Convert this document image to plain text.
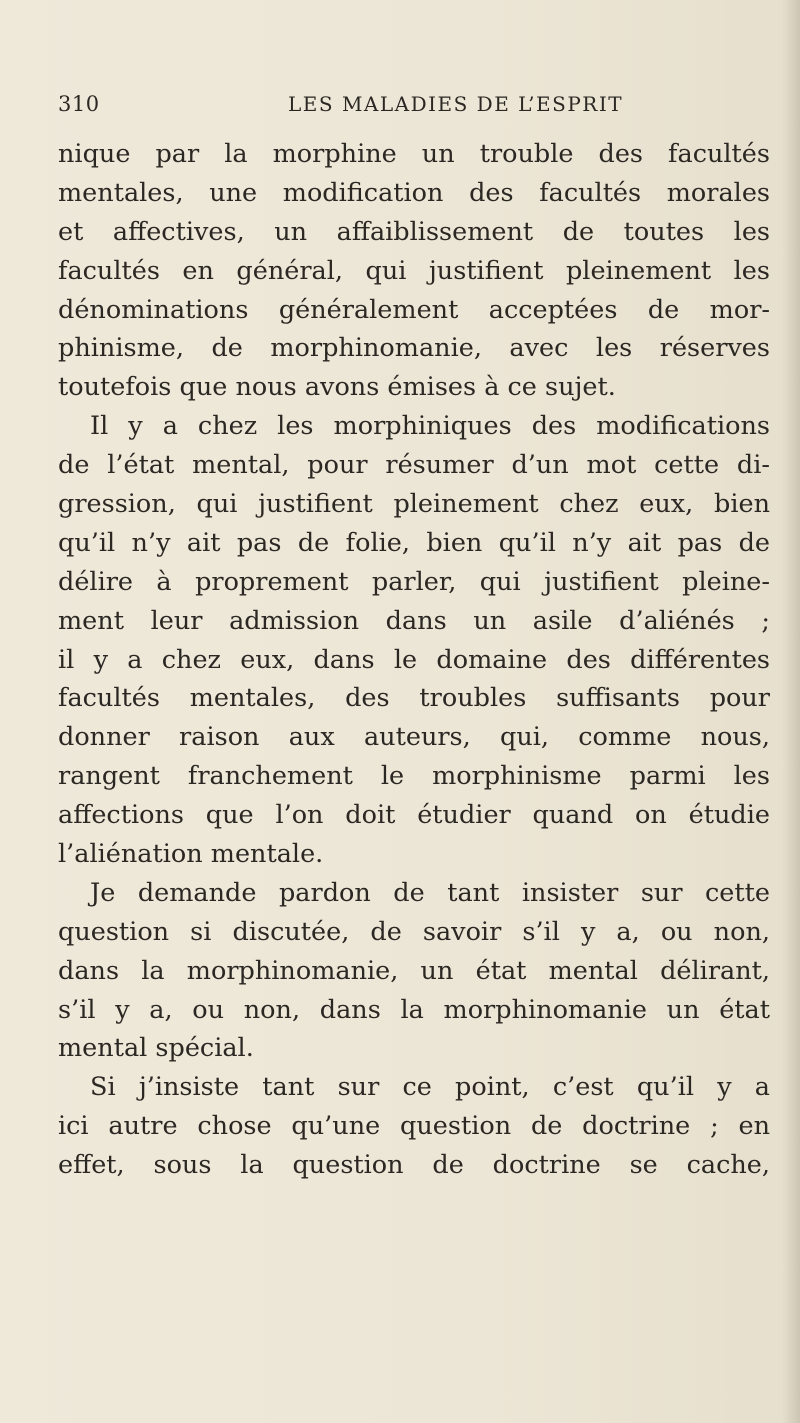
310	LES MALADIES DE L’ESPRIT
nique par la morphine un trouble des facultés
mentales, une modification des facultés morales
et affectives, un affaiblissement de toutes les
facultés en général, qui justifient pleinement les
dénominations généralement acceptées de mor-
phinisme, de morphinomanie, avec les réserves
toutefois que nous avons émises à ce sujet.
Il y a chez les morphiniques des modifications
de l’état mental, pour résumer d’un mot cette di-
gression, qui justifient pleinement chez eux, bien
qu’il n’y ait pas de folie, bien qu’il n’y ait pas de
délire à proprement parler, qui justifient pleine-
ment leur admission dans un asile d’aliénés ;
il y a chez eux, dans le domaine des différentes
facultés mentales, des troubles suffisants pour
donner raison aux auteurs, qui, comme nous,
rangent franchement le morphinisme parmi les
affections que l’on doit étudier quand on étudie
l’aliénation mentale.
Je demande pardon de tant insister sur cette
question si discutée, de savoir s’il y a, ou non,
dans la morphinomanie, un état mental délirant,
s’il y a, ou non, dans la morphinomanie un état
mental spécial.
Si j’insiste tant sur ce point, c’est qu’il y a
ici autre chose qu’une question de doctrine ; en
effet, sous la question de doctrine se cache,
